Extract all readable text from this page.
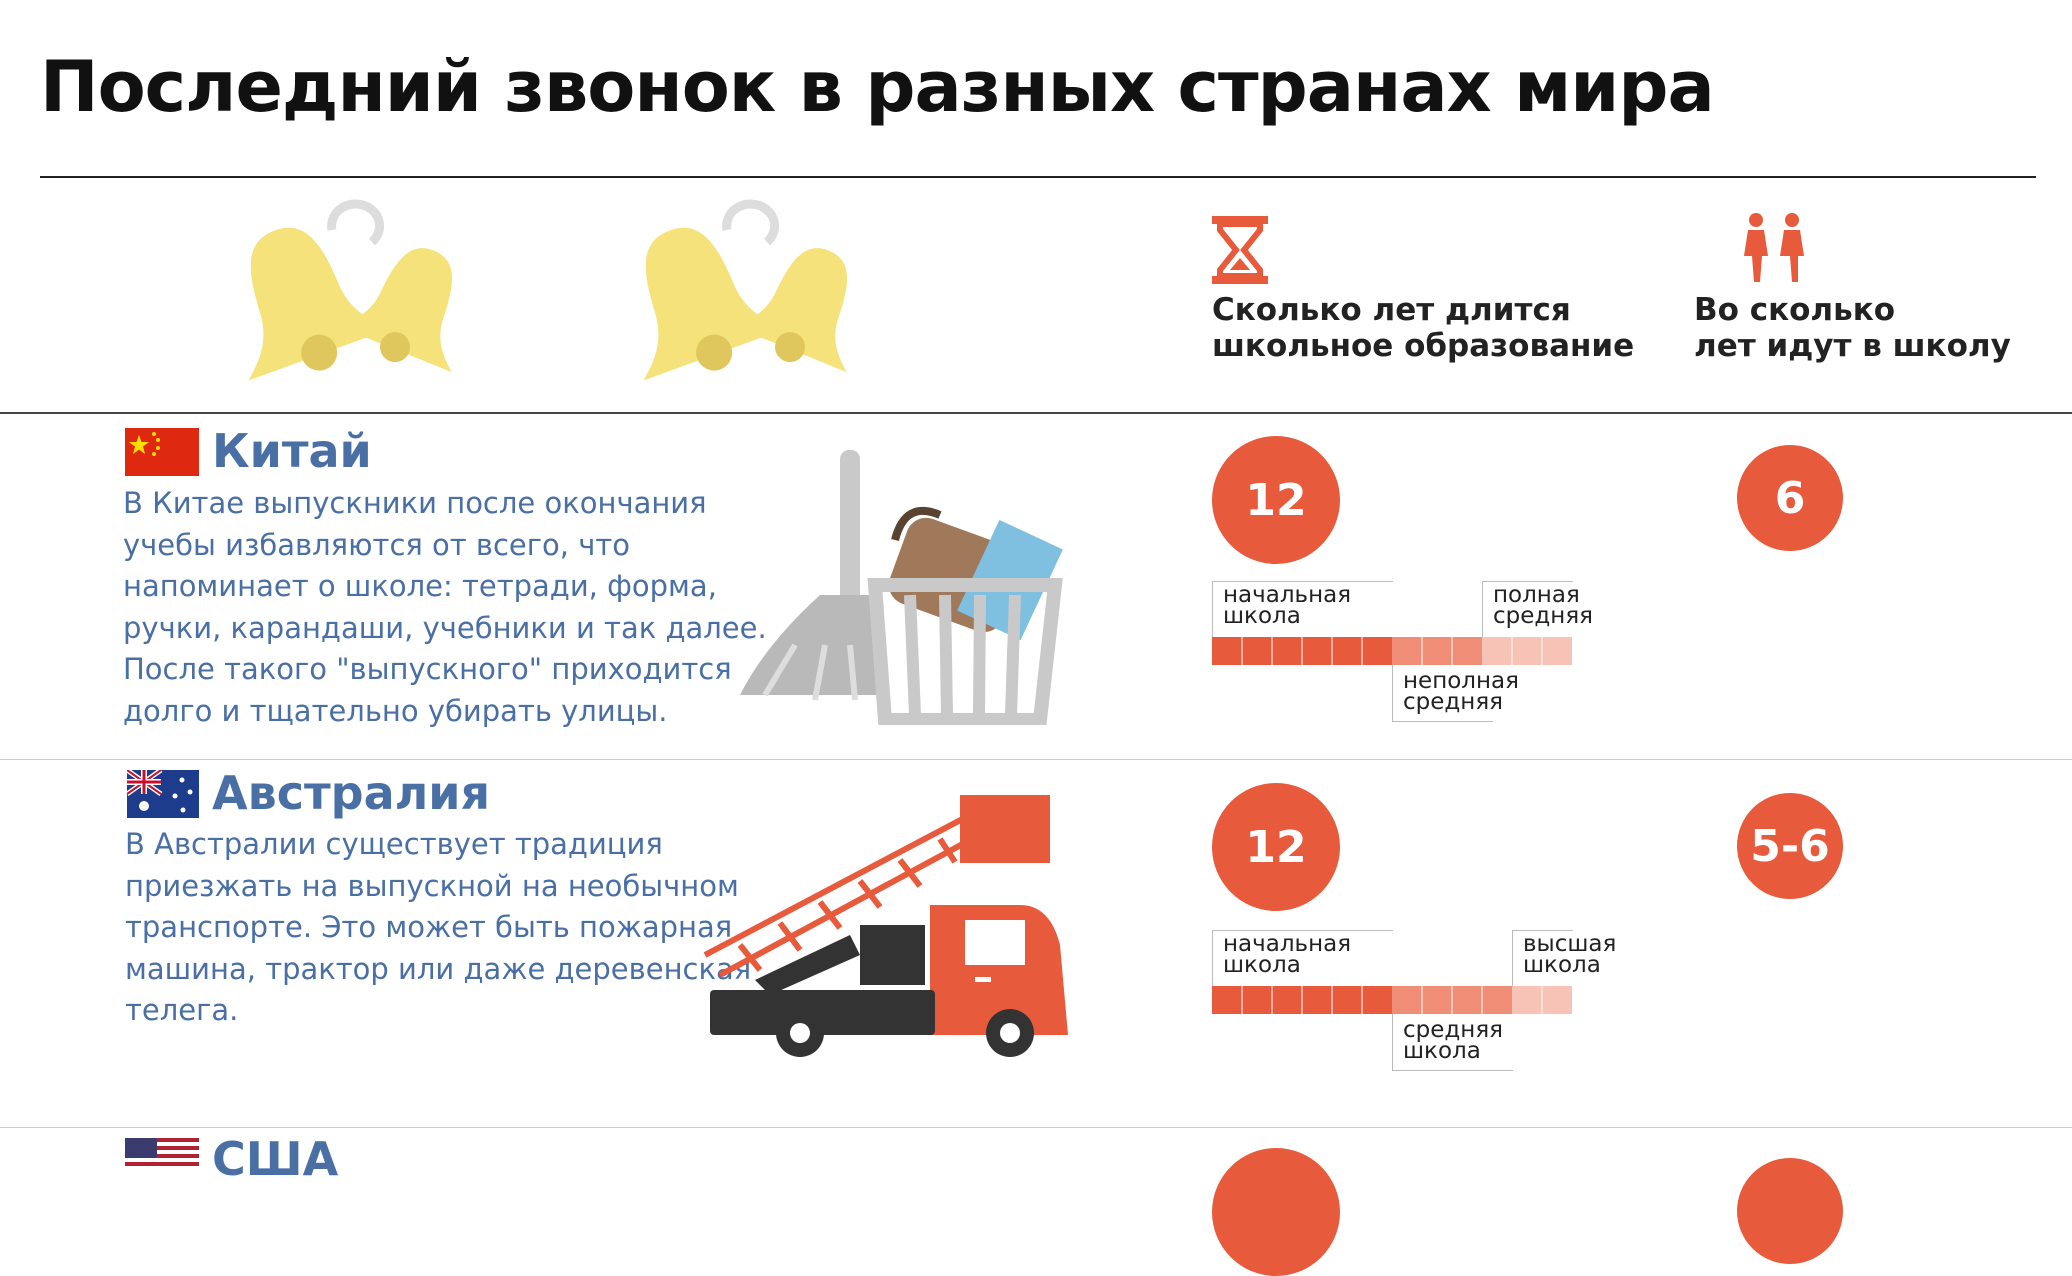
Последний звонок в разных странах мира
Сколько лет длится
школьное образование
Во сколько
лет идут в школу
Китай
В Китае выпускники после окончания учебы избавляются от всего, что напоминает о школе: тетради, форма, ручки, карандаши, учебники и так далее. После такого "выпускного" приходится долго и тщательно убирать улицы.
12	6
начальная
школа
полная
средняя
неполная
средняя
Австралия
В Австралии существует традиция приезжать на выпускной на необычном транспорте. Это может быть пожарная машина, трактор или даже деревенская телега.
12	5-6
начальная
школа
высшая
школа
средняя
школа
США
